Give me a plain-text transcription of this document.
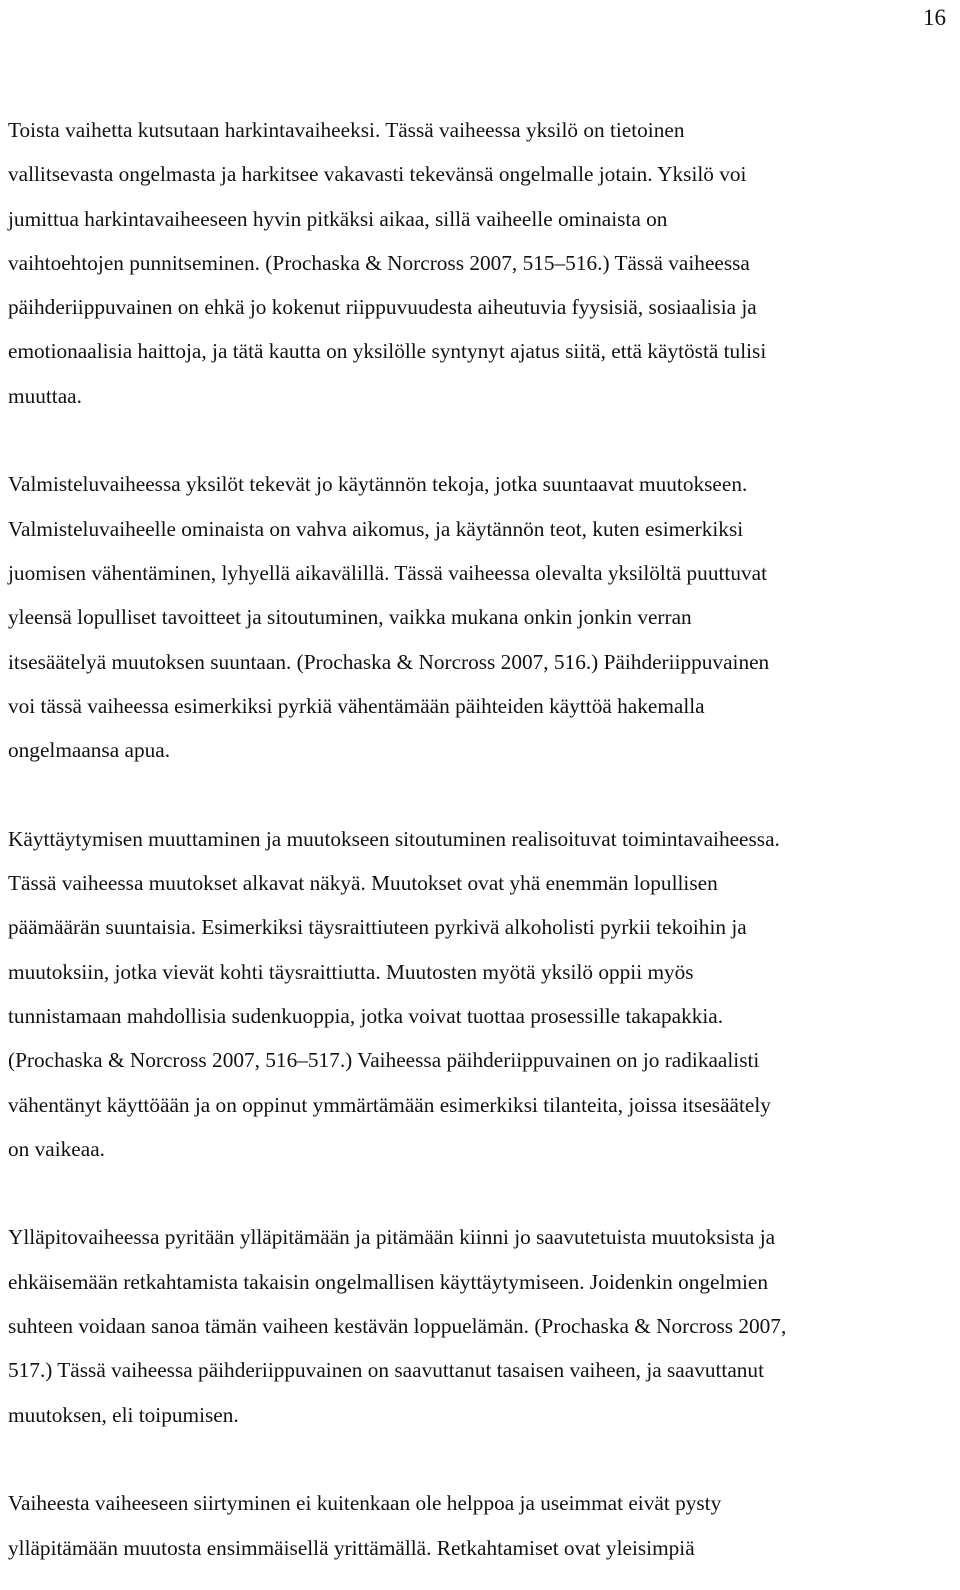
16
Toista vaihetta kutsutaan harkintavaiheeksi. Tässä vaiheessa yksilö on tietoinen
vallitsevasta ongelmasta ja harkitsee vakavasti tekevänsä ongelmalle jotain. Yksilö voi
jumittua harkintavaiheeseen hyvin pitkäksi aikaa, sillä vaiheelle ominaista on
vaihtoehtojen punnitseminen. (Prochaska & Norcross 2007, 515–516.) Tässä vaiheessa
päihderiippuvainen on ehkä jo kokenut riippuvuudesta aiheutuvia fyysisiä, sosiaalisia ja
emotionaalisia haittoja, ja tätä kautta on yksilölle syntynyt ajatus siitä, että käytöstä tulisi
muuttaa.
Valmisteluvaiheessa yksilöt tekevät jo käytännön tekoja, jotka suuntaavat muutokseen.
Valmisteluvaiheelle ominaista on vahva aikomus, ja käytännön teot, kuten esimerkiksi
juomisen vähentäminen, lyhyellä aikavälillä. Tässä vaiheessa olevalta yksilöltä puuttuvat
yleensä lopulliset tavoitteet ja sitoutuminen, vaikka mukana onkin jonkin verran
itsesäätelyä muutoksen suuntaan. (Prochaska & Norcross 2007, 516.) Päihderiippuvainen
voi tässä vaiheessa esimerkiksi pyrkiä vähentämään päihteiden käyttöä hakemalla
ongelmaansa apua.
Käyttäytymisen muuttaminen ja muutokseen sitoutuminen realisoituvat toimintavaiheessa.
Tässä vaiheessa muutokset alkavat näkyä. Muutokset ovat yhä enemmän lopullisen
päämäärän suuntaisia. Esimerkiksi täysraittiuteen pyrkivä alkoholisti pyrkii tekoihin ja
muutoksiin, jotka vievät kohti täysraittiutta. Muutosten myötä yksilö oppii myös
tunnistamaan mahdollisia sudenkuoppia, jotka voivat tuottaa prosessille takapakkia.
(Prochaska & Norcross 2007, 516–517.) Vaiheessa päihderiippuvainen on jo radikaalisti
vähentänyt käyttöään ja on oppinut ymmärtämään esimerkiksi tilanteita, joissa itsesäätely
on vaikeaa.
Ylläpitovaiheessa pyritään ylläpitämään ja pitämään kiinni jo saavutetuista muutoksista ja
ehkäisemään retkahtamista takaisin ongelmallisen käyttäytymiseen. Joidenkin ongelmien
suhteen voidaan sanoa tämän vaiheen kestävän loppuelämän. (Prochaska & Norcross 2007,
517.) Tässä vaiheessa päihderiippuvainen on saavuttanut tasaisen vaiheen, ja saavuttanut
muutoksen, eli toipumisen.
Vaiheesta vaiheeseen siirtyminen ei kuitenkaan ole helppoa ja useimmat eivät pysty
ylläpitämään muutosta ensimmäisellä yrittämällä. Retkahtamiset ovat yleisimpiä
